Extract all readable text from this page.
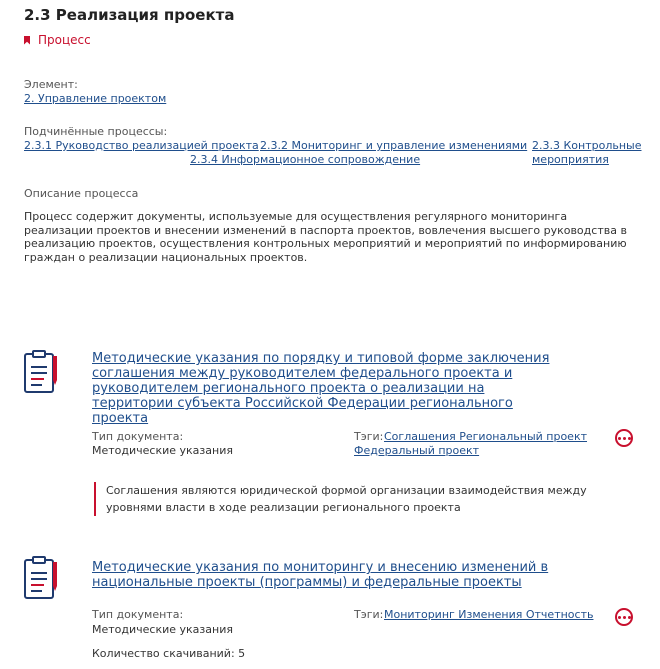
2.3 Реализация проекта
Процесс
Элемент:
2. Управление проектом
Подчинённые процессы:
2.3.1 Руководство реализацией проекта 2.3.2 Мониторинг и управление изменениями 2.3.3 Контрольные мероприятия
2.3.4 Информационное сопровождение
Описание процесса
Процесс содержит документы, используемые для осуществления регулярного мониторинга реализации проектов и внесении изменений в паспорта проектов, вовлечения высшего руководства в реализацию проектов, осуществления контрольных мероприятий и мероприятий по информированию граждан о реализации национальных проектов.
Методические указания по порядку и типовой форме заключения соглашения между руководителем федерального проекта и руководителем регионального проекта о реализации на территории субъекта Российской Федерации регионального проекта
Тип документа:
Методические указания
Тэги: Соглашения Региональный проект Федеральный проект
Соглашения являются юридической формой организации взаимодействия между уровнями власти в ходе реализации регионального проекта
Методические указания по мониторингу и внесению изменений в национальные проекты (программы) и федеральные проекты
Тип документа:
Методические указания
Тэги: Мониторинг Изменения Отчетность
Количество скачиваний: 5
